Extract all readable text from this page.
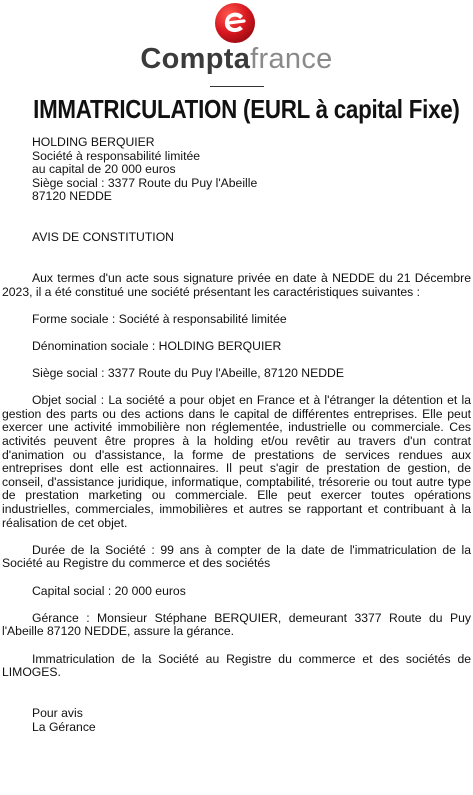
Comptafrance
IMMATRICULATION (EURL à capital Fixe)

HOLDING BERQUIER

Société à responsabilité limitée

au capital de 20 000 euros

Siège social : 3377 Route du Puy l'Abeille

87120 NEDDE

AVIS DE CONSTITUTION

Aux termes d'un acte sous signature privée en date à NEDDE du 21 Décembre 2023, il a été constitué une société présentant les caractéristiques suivantes :

Forme sociale : Société à responsabilité limitée

Dénomination sociale : HOLDING BERQUIER

Siège social : 3377 Route du Puy l'Abeille, 87120 NEDDE

Objet social : La société a pour objet en France et à l'étranger la détention et la gestion des parts ou des actions dans le capital de différentes entreprises. Elle peut exercer une activité immobilière non réglementée, industrielle ou commerciale. Ces activités peuvent être propres à la holding et/ou revêtir au travers d'un contrat d'animation ou d'assistance, la forme de prestations de services rendues aux entreprises dont elle est actionnaires. Il peut s'agir de prestation de gestion, de conseil, d'assistance juridique, informatique, comptabilité, trésorerie ou tout autre type de prestation marketing ou commerciale. Elle peut exercer toutes opérations industrielles, commerciales, immobilières et autres se rapportant et contribuant à la réalisation de cet objet.

Durée de la Société : 99 ans à compter de la date de l'immatriculation de la Société au Registre du commerce et des sociétés

Capital social : 20 000 euros

Gérance : Monsieur Stéphane BERQUIER, demeurant 3377 Route du Puy l'Abeille 87120 NEDDE, assure la gérance.

Immatriculation de la Société au Registre du commerce et des sociétés de LIMOGES.

Pour avis

La Gérance
